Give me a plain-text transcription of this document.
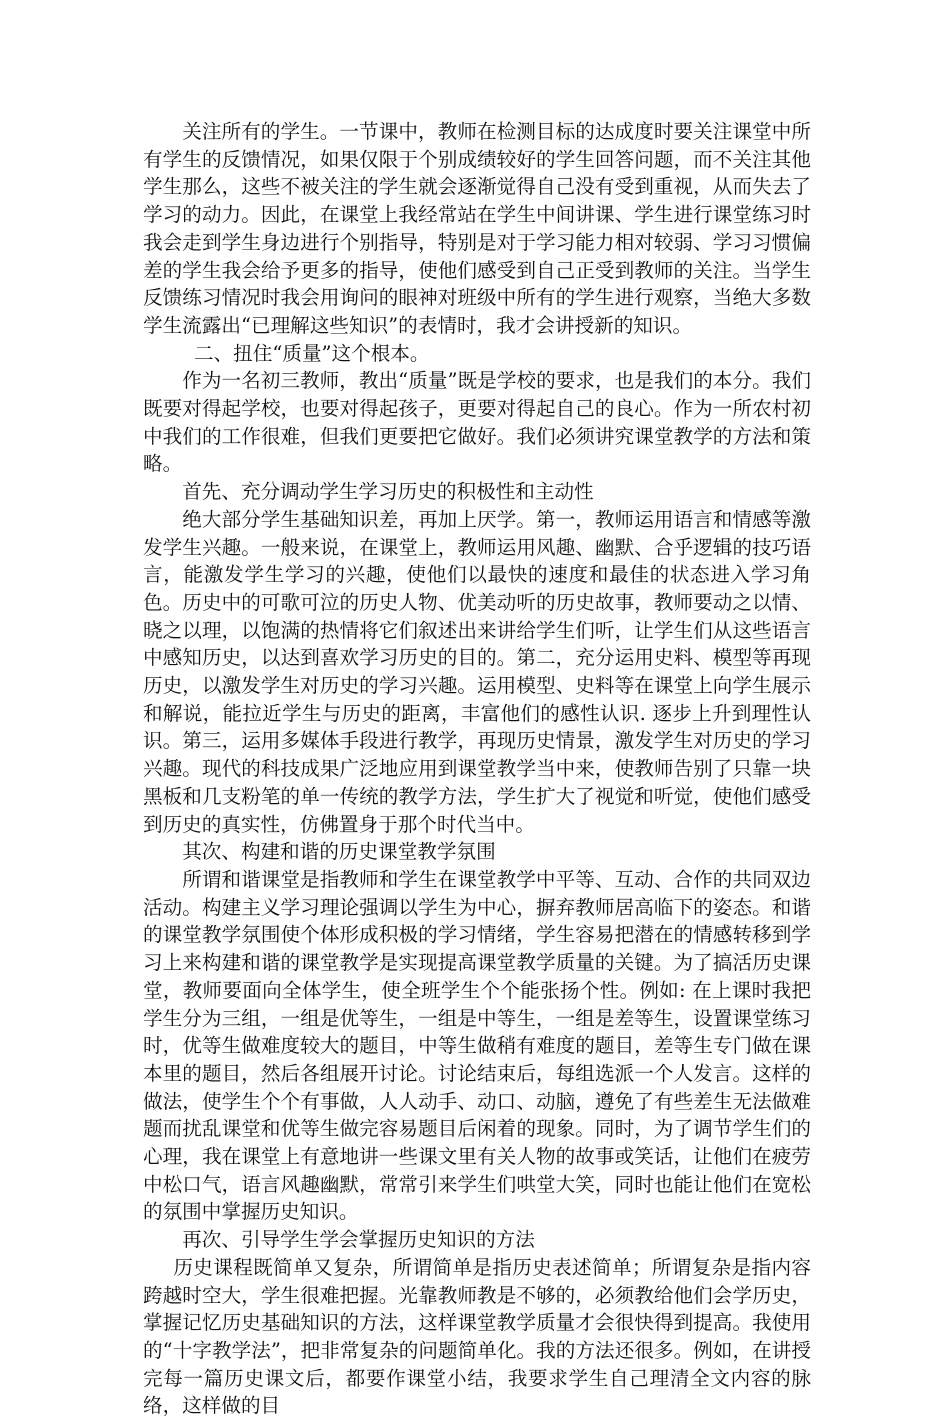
关注所有的学生。一节课中，教师在检测目标的达成度时要关注课堂中所有学生的反馈情况，如果仅限于个别成绩较好的学生回答问题，而不关注其他学生那么，这些不被关注的学生就会逐渐觉得自己没有受到重视，从而失去了学习的动力。因此，在课堂上我经常站在学生中间讲课、学生进行课堂练习时我会走到学生身边进行个别指导，特别是对于学习能力相对较弱、学习习惯偏差的学生我会给予更多的指导，使他们感受到自己正受到教师的关注。当学生反馈练习情况时我会用询问的眼神对班级中所有的学生进行观察，当绝大多数学生流露出“已理解这些知识”的表情时，我才会讲授新的知识。

二、扭住“质量”这个根本。

作为一名初三教师，教出“质量”既是学校的要求，也是我们的本分。我们既要对得起学校，也要对得起孩子，更要对得起自己的良心。作为一所农村初中我们的工作很难，但我们更要把它做好。我们必须讲究课堂教学的方法和策略。

首先、充分调动学生学习历史的积极性和主动性

绝大部分学生基础知识差，再加上厌学。第一，教师运用语言和情感等激发学生兴趣。一般来说，在课堂上，教师运用风趣、幽默、合乎逻辑的技巧语言，能激发学生学习的兴趣，使他们以最快的速度和最佳的状态进入学习角色。历史中的可歌可泣的历史人物、优美动听的历史故事，教师要动之以情、晓之以理，以饱满的热情将它们叙述出来讲给学生们听，让学生们从这些语言中感知历史，以达到喜欢学习历史的目的。第二，充分运用史料、模型等再现历史，以激发学生对历史的学习兴趣。运用模型、史料等在课堂上向学生展示和解说，能拉近学生与历史的距离，丰富他们的感性认识. 逐步上升到理性认识。第三，运用多媒体手段进行教学，再现历史情景，激发学生对历史的学习兴趣。现代的科技成果广泛地应用到课堂教学当中来，使教师告别了只靠一块黑板和几支粉笔的单一传统的教学方法，学生扩大了视觉和听觉，使他们感受到历史的真实性，仿佛置身于那个时代当中。

其次、构建和谐的历史课堂教学氛围

所谓和谐课堂是指教师和学生在课堂教学中平等、互动、合作的共同双边活动。构建主义学习理论强调以学生为中心，摒弃教师居高临下的姿态。和谐的课堂教学氛围使个体形成积极的学习情绪，学生容易把潜在的情感转移到学习上来构建和谐的课堂教学是实现提高课堂教学质量的关键。为了搞活历史课堂，教师要面向全体学生，使全班学生个个能张扬个性。例如: 在上课时我把学生分为三组，一组是优等生，一组是中等生，一组是差等生，设置课堂练习时，优等生做难度较大的题目，中等生做稍有难度的题目，差等生专门做在课本里的题目，然后各组展开讨论。讨论结束后，每组选派一个人发言。这样的做法，使学生个个有事做，人人动手、动口、动脑，遵免了有些差生无法做难题而扰乱课堂和优等生做完容易题目后闲着的现象。同时，为了调节学生们的心理，我在课堂上有意地讲一些课文里有关人物的故事或笑话，让他们在疲劳中松口气，语言风趣幽默，常常引来学生们哄堂大笑，同时也能让他们在宽松的氛围中掌握历史知识。

再次、引导学生学会掌握历史知识的方法

历史课程既简单又复杂，所谓简单是指历史表述简单；所谓复杂是指内容跨越时空大，学生很难把握。光靠教师教是不够的，必须教给他们会学历史，掌握记忆历史基础知识的方法，这样课堂教学质量才会很快得到提高。我使用的“十字教学法”，把非常复杂的问题简单化。我的方法还很多。例如，在讲授完每一篇历史课文后，都要作课堂小结，我要求学生自己理清全文内容的脉络，这样做的目
